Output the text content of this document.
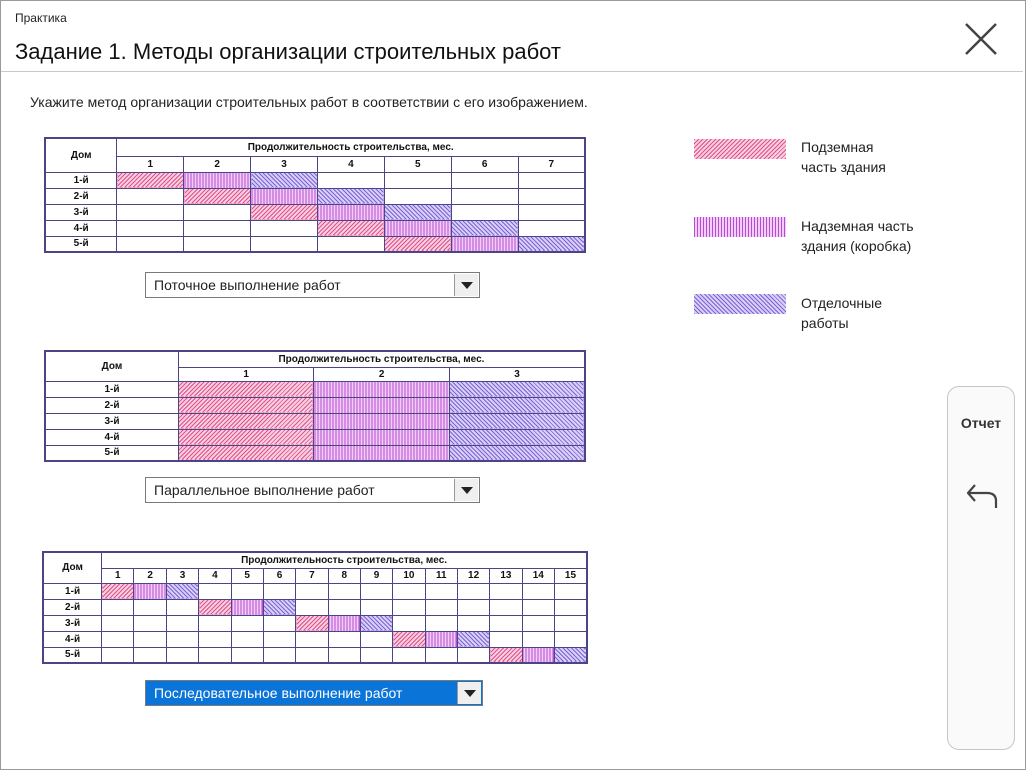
Практика
Задание 1. Методы организации строительных работ
Укажите метод организации строительных работ в соответствии с его изображением.
Дом	Продолжительность строительства, мес.						
	1	2	3	4	5	6	7
1-й							
2-й							
3-й							
4-й							
5-й							
Поточное выполнение работ
Дом	Продолжительность строительства, мес.		
	1	2	3
1-й			
2-й			
3-й			
4-й			
5-й			
Параллельное выполнение работ
Дом	Продолжительность строительства, мес.														
	1	2	3	4	5	6	7	8	9	10	11	12	13	14	15
1-й															
2-й															
3-й															
4-й															
5-й															
Последовательное выполнение работ
Подземная
часть здания
Надземная часть
здания (коробка)
Отделочные
работы
Отчет
